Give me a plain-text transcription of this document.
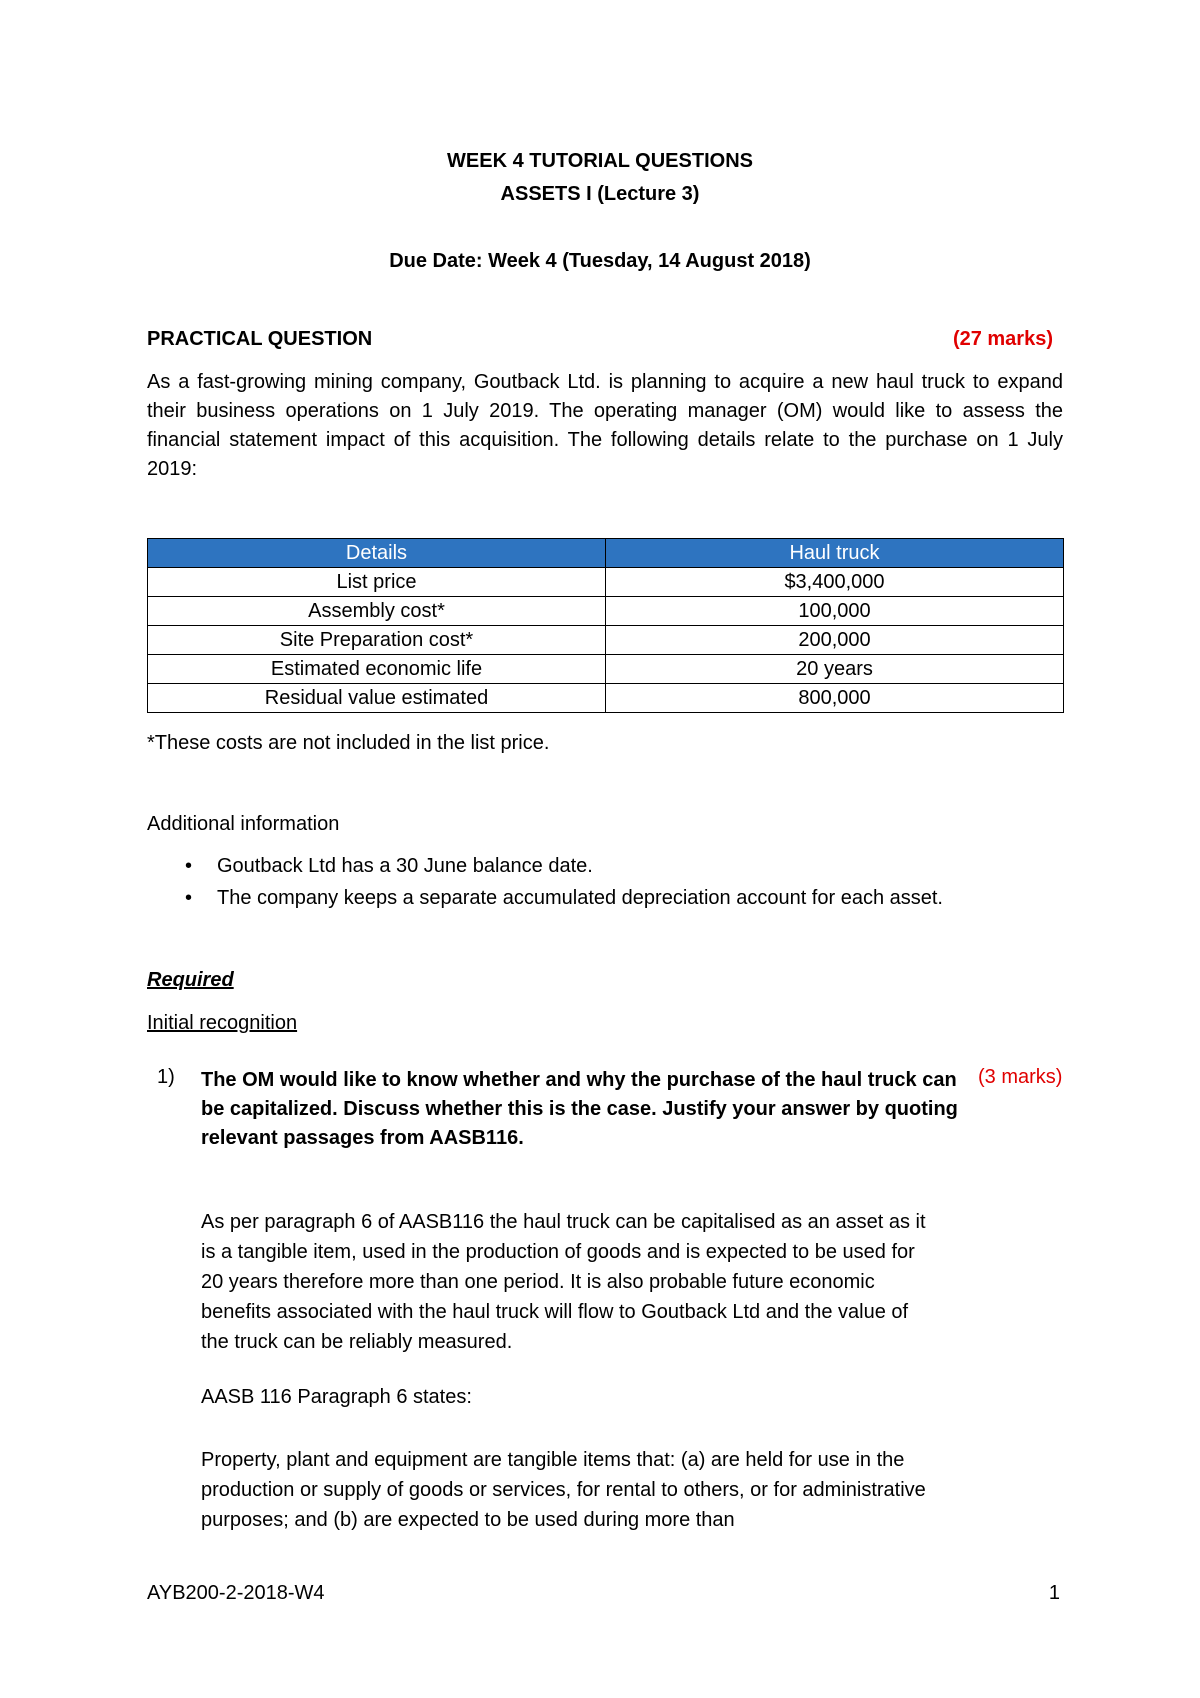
WEEK 4 TUTORIAL QUESTIONS
ASSETS I (Lecture 3)
Due Date: Week 4 (Tuesday, 14 August 2018)
PRACTICAL QUESTION	(27 marks)
As a fast-growing mining company, Goutback Ltd. is planning to acquire a new haul truck to expand their business operations on 1 July 2019. The operating manager (OM) would like to assess the financial statement impact of this acquisition. The following details relate to the purchase on 1 July 2019:
Details	Haul truck
List price	$3,400,000
Assembly cost*	100,000
Site Preparation cost*	200,000
Estimated economic life	20 years
Residual value estimated	800,000
*These costs are not included in the list price.
Additional information
• Goutback Ltd has a 30 June balance date.
• The company keeps a separate accumulated depreciation account for each asset.
Required
Initial recognition
1) The OM would like to know whether and why the purchase of the haul truck can be capitalized. Discuss whether this is the case. Justify your answer by quoting relevant passages from AASB116.
(3 marks)
As per paragraph 6 of AASB116 the haul truck can be capitalised as an asset as it is a tangible item, used in the production of goods and is expected to be used for 20 years therefore more than one period. It is also probable future economic benefits associated with the haul truck will flow to Goutback Ltd and the value of the truck can be reliably measured.
AASB 116 Paragraph 6 states:
Property, plant and equipment are tangible items that: (a) are held for use in the production or supply of goods or services, for rental to others, or for administrative purposes; and (b) are expected to be used during more than
AYB200-2-2018-W4	1
